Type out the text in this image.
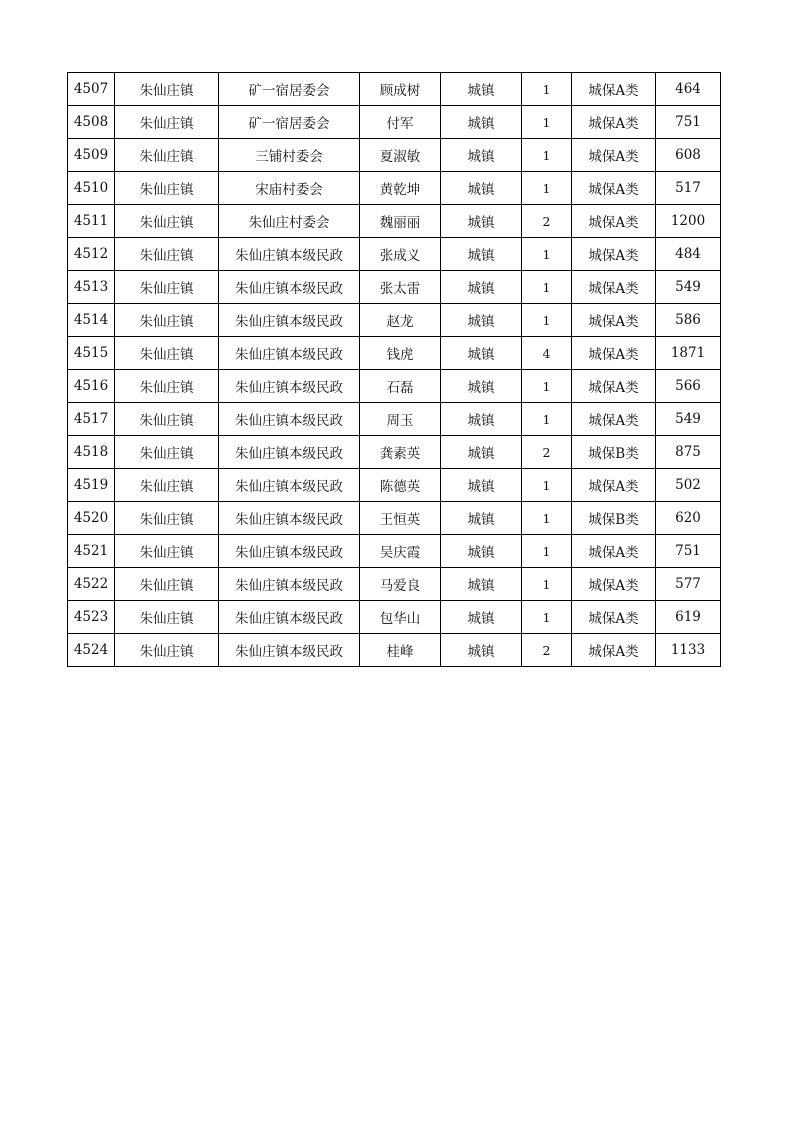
4507	朱仙庄镇	矿一宿居委会	顾成树	城镇	1	城保A类	464
4508	朱仙庄镇	矿一宿居委会	付军	城镇	1	城保A类	751
4509	朱仙庄镇	三铺村委会	夏淑敏	城镇	1	城保A类	608
4510	朱仙庄镇	宋庙村委会	黄乾坤	城镇	1	城保A类	517
4511	朱仙庄镇	朱仙庄村委会	魏丽丽	城镇	2	城保A类	1200
4512	朱仙庄镇	朱仙庄镇本级民政	张成义	城镇	1	城保A类	484
4513	朱仙庄镇	朱仙庄镇本级民政	张太雷	城镇	1	城保A类	549
4514	朱仙庄镇	朱仙庄镇本级民政	赵龙	城镇	1	城保A类	586
4515	朱仙庄镇	朱仙庄镇本级民政	钱虎	城镇	4	城保A类	1871
4516	朱仙庄镇	朱仙庄镇本级民政	石磊	城镇	1	城保A类	566
4517	朱仙庄镇	朱仙庄镇本级民政	周玉	城镇	1	城保A类	549
4518	朱仙庄镇	朱仙庄镇本级民政	龚素英	城镇	2	城保B类	875
4519	朱仙庄镇	朱仙庄镇本级民政	陈德英	城镇	1	城保A类	502
4520	朱仙庄镇	朱仙庄镇本级民政	王恒英	城镇	1	城保B类	620
4521	朱仙庄镇	朱仙庄镇本级民政	吴庆霞	城镇	1	城保A类	751
4522	朱仙庄镇	朱仙庄镇本级民政	马爱良	城镇	1	城保A类	577
4523	朱仙庄镇	朱仙庄镇本级民政	包华山	城镇	1	城保A类	619
4524	朱仙庄镇	朱仙庄镇本级民政	桂峰	城镇	2	城保A类	1133
